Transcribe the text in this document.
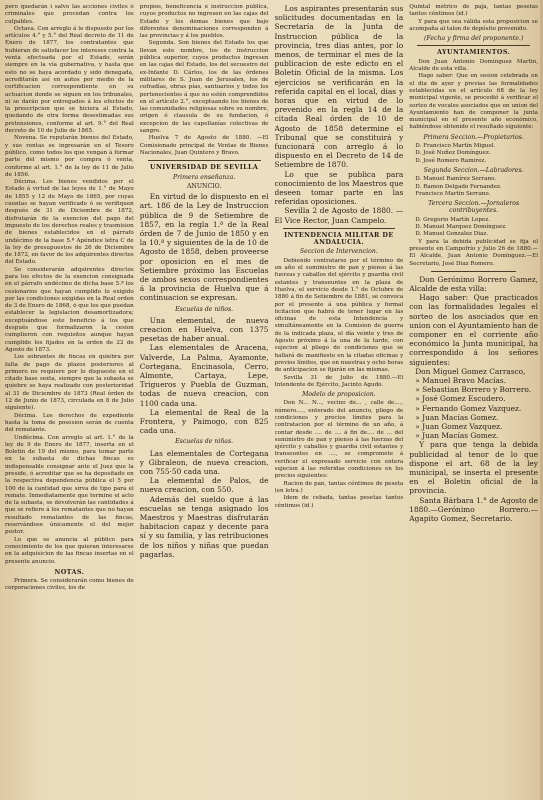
pero quedarán i salvo las acciones civiles ó criminales que procedan contra los culpables.

Octava. Con arreglo á lo dispuesto por los artículos 4.° y 5.° del Real decreto de 11 de Enero de 1877, los contratantes que hubieran de satisfacer los intereses contra la venta efectuada por el Estado, serán siempre en la vía gubernativa, y hasta que esto no se haya acordado y sido denegada, acreditarán así en autos por medio de la certificacion correspondiente en su actuacion donde se siguen en los tribunales, ni se darán por entregados á los efectos de la prescripcion que se hiciera al Estado, quedando de otra forma desestimadas sus pretensiones, conforme al art. 9.° del Real decreto de 10 de Julio de 1865.

Novena. Se reputarán bienes del Estado, y sus rentas se ingresarán en el Tesoro público, como todos los que vengan á formar parte del mismo por compra ó venta, conforme al art. 1.° de la ley de 11 de Julio de 1856.

Décima. Los bienes vendidos por el Estado á virtud de las leyes de 1.° de Mayo de 1855 y 12 de Mayo de 1865, por cuyas cuentas se hayan verificado ó se verifiquen después de 31 de Diciembre de 1872, disfrutarán de la exencion del pago del impuesto de los derechos reales y trasmision de bienes establecidos en el párrafo undécimo de la base 5.ª Apéndice letra C de la ley de presupuestos de 26 de Diciembre de 1872, en favor de los adquirentes directos del Estado.

Se considerarán adquirentes directos para los efectos de la exencion consignada en el párrafo undécimo de dicha base 5.ª los cesionarios que hayan cumplido lo exigido por las condiciones exigidas en la Real orden de 3 de Enero de 1868, ó que los que puedan establecer la legislacion desamortizadora; exceptuándose este beneficio á los que después que formalizaron la cesion cumplieron con requisitos aunque hayan cumplido los fijados en la orden de 22 de Agosto de 1873.

Los sobrantes de fincas en quiebra por falta de pago de plazos posteriores al primero no requiere por lo dispuesto en el citado base sexta, siempre que la subasta se quiebre se haya realizado con posterioridad al 31 de Diciembre de 1873 (Real órden de 12 de Junio de 1873, circulada en 8 de Julio siguiente).

Décima. Los derechos de expediente hasta la toma de posesion serán de cuenta del rematante.

Undécima. Con arreglo al art. 1.° de la ley de 9 de Enero de 1877, inserta en el Boletin de 19 del mismo, para tomar parte en la subasta de dichas fincas es indispensable consignar ante el Juez que la preside, ó acreditar que se ha depositado en la respectiva dependencia pública el 5 por 100 de la cantidad que sirva de tipo para el remate. Inmediatamente que termine el acto de la subasta, se devolverán las cantidades á que se refiere á los rematantes que no hayan resultado rematantes de las fincas, reservándose únicamente el del mejor postor.

Lo que se anuncia al público para conocimiento de los que quieran interesarse en la adquisicion de las fincas insertas en el presente anuncio.

NOTAS.

Primera. Se considerarán como bienes de corporaciones civiles, los de

propios, beneficencia é instruccion pública, cuyos productos no ingresen en las cajas del Estado y los demas bienes que bajo diferentes denominaciones corresponden á las provincias y á los pueblos.

Segunda. Son bienes del Estado los que llevan este nombre, los de instruccion pública superior, cuyos productos ingresen en las cajas del Estado, los del secuestro del ex-Infante D. Cárlos, los de las órdenes militares de S. Juan de Jerusalen, los de cofradías, obras pías, santuarios y todos los pertenecientes á que no estén comprendidos en el artículo 2.°, exceptuando los bienes de las comunidades religiosas sobre su nombre, origen ó clausula de su fundacion, ó excepcion de las capellanías colectivas de sangre.

Huelva 7 de Agosto de 1880. —El Comisionado principal de Ventas de Bienes Nacionales, Juan Quintero y Bravo.

UNIVERSIDAD DE SEVILLA
Primera enseñanza.
ANUNCIO.

En virtud de lo dispuesto en el art. 186 de la Ley de Instruccion pública de 9 de Setiembre de 1857, en la regla 1.ª de la Real órden de 7 de Junio de 1850 y en la 10.ª y siguientes de la de 10 de Agosto de 1858, deben proveerse por oposicion en el mes de Setiembre próximo las Escuelas de ambos sexos correspondientes á la provincia de Huelva que á continuacion se expresan.

Escuelas de niños.

Una elemental, de nueva creacion en Huelva, con 1375 pesetas de haber anual.

Las elementales de Aracena, Valverde, La Palma, Ayamonte, Cortegana, Encinasola, Cerro, Almonte, Cartaya, Lepe, Trigueros y Puebla de Guzman, todas de nueva creacion, con 1100 cada una.

La elemental de Real de la Frontera, y Paimogo, con 825 cada una.

Escuelas de niñas.

Las elementales de Cortegana y Gibraleon, de nueva creacion, con 755·50 cada una.

La elemental de Palos, de nueva creacion, con 550.

Además del sueldo que á las escuelas se tenga asignado los Maestros y Maestras disfrutarán habitacion capaz y decente para sí y su familia, y las retribuciones de los niños y niñas que puedan pagarlas.

Los aspirantes presentarán sus solicitudes documentadas en la Secretaría de la Junta de Instruccion pública de la provincia, tres dias antes, por lo menos, de terminar el mes de la publicacion de este edicto en el Boletin Oficial de la misma. Los ejercicios se verificarán en la referida capital en el local, dias y horas que en virtud de lo prevenido en la regla 14 de la citada Real órden de 10 de Agosto de 1858 determine el Tribunal que se constituirá y funcionará con arreglo á lo dispuesto en el Decreto de 14 de Setiembre de 1870.

Lo que se publica para conocimiento de los Maestros que deseen tomar parte en las referidas oposiciones.

Sevilla 2 de Agosto de 1880. —El Vice Rector, Juan Campelo.

INTENDENCIA MILITAR DE ANDALUCIA.
Seccion de Intervencion.

Debiendo contratarse por el término de un año el suministro de pan y pienso á las fuerzas y caballos del ejército y guardia civil estantes y transeuntes en la plaza de Huelva, el servicio desde 1.° de Octubre de 1880 á fin de Setiembre de 1881, se convoca por el presente á una pública y formal licitacion que habrá de tener lugar en las oficinas de esta Intendencia y simultáneamente en la Comision de guerra de la indicada plaza, el día veinte y tres de Agosto próximo á la una de la tarde, con sujecion al pliego de condiciones que se hallará de manifiesto en la citadas oficinas y previos límites, que en nuestras y ocho horas de anticipacion se fijarán en las mismas.

Sevilla 31 de Julio de 1880.—El Intendente de Ejército, Jacinto Agudo.

Modelo de proposicion.

Don N... N..., vecino de... , calle de...., número...., enterado del anuncio, pliego de condiciones y precios límites para la contratacion por el término de un año, á contar desde .... de .... á fin de.... de ... del suministro de pan y pienso á las fuerzas del ejército y caballos y guardia civil estantes y transeuntes en ...., se compromete á verificar el expresado servicio con entera sujecion á las referidas condiciones en los precios siguientes:

Racion de pan, tantas céntimos de peseta (en letra.)

Idem de cebada, tantas pesetas tantos céntimos (id.)

Quintal métrico de paja, tantas pesetas tantos céntimos (id.)

Y para que sea válida esta proposicion se acompaña al talon de depósito prevenido.

(Fecha y firma del proponente.)
AYUNTAMIENTOS.

Don Juan Antonio Domínguez Martin, Alcalde de esta villa.

Hago saber: Que en sesion celebrada en el dia de ayer y previas las formalidades establecidas en el artículo 68 de la ley municipal vigente, se procedió á verificar el sorteo de vocales asociados que en union del Ayuntamiento han de componer la junta municipal en el presente año económico, habiéndose obtenido el resultado siguiente:

Primera Seccion.—Propietarios.

D. Francisco Martín Miguel.

D. José Nuñez Domínguez.

D. José Romero Ramirez.

Segunda Seccion.—Labradores.

D. Manuel Ramírez Serrano.

D. Ramon Delgado Fernandez.

Francisco Martín Serrano.

Tercera Seccion.—Jornaleros contribuyentes.

D. Gregorio Martín Lopez.

D. Manuel Marquez Domínguez.

D. Manuel Gonzalez Diaz.

Y para la debida publicidad se fija el presente en Campofrío y Julio 26 de 1880.—El Alcalde, Juan Antonio Domínguez.—El Secretario, José Diaz Romero.

Don Gerónimo Borrero Gamez, Alcalde de esta villa:

Hago saber: Que practicados con las formalidades legales el sorteo de los asociados que en union con el Ayuntamiento han de componer en el corriente año económico la Junta municipal, ha correspondido á los señores siguientes:

Don Miguel Gomez Carrasco,

» Manuel Bravo Macías.

» Sebastian Borrero y Borrero.

» José Gomez Escudero.

» Fernando Gomez Vazquez.

» Juan Macías Gomez.

» Juan Gomez Vazquez.

» Juan Macías Gomez.

Y para que tenga la debida publicidad al tenor de lo que dispone el art. 68 de la ley municipal, se inserta el presente en el Boletin oficial de la provincia.

Santa Bárbara 1.° de Agosto de 1880.—Gerónimo Borrero.—Agapito Gomez, Secretario.
